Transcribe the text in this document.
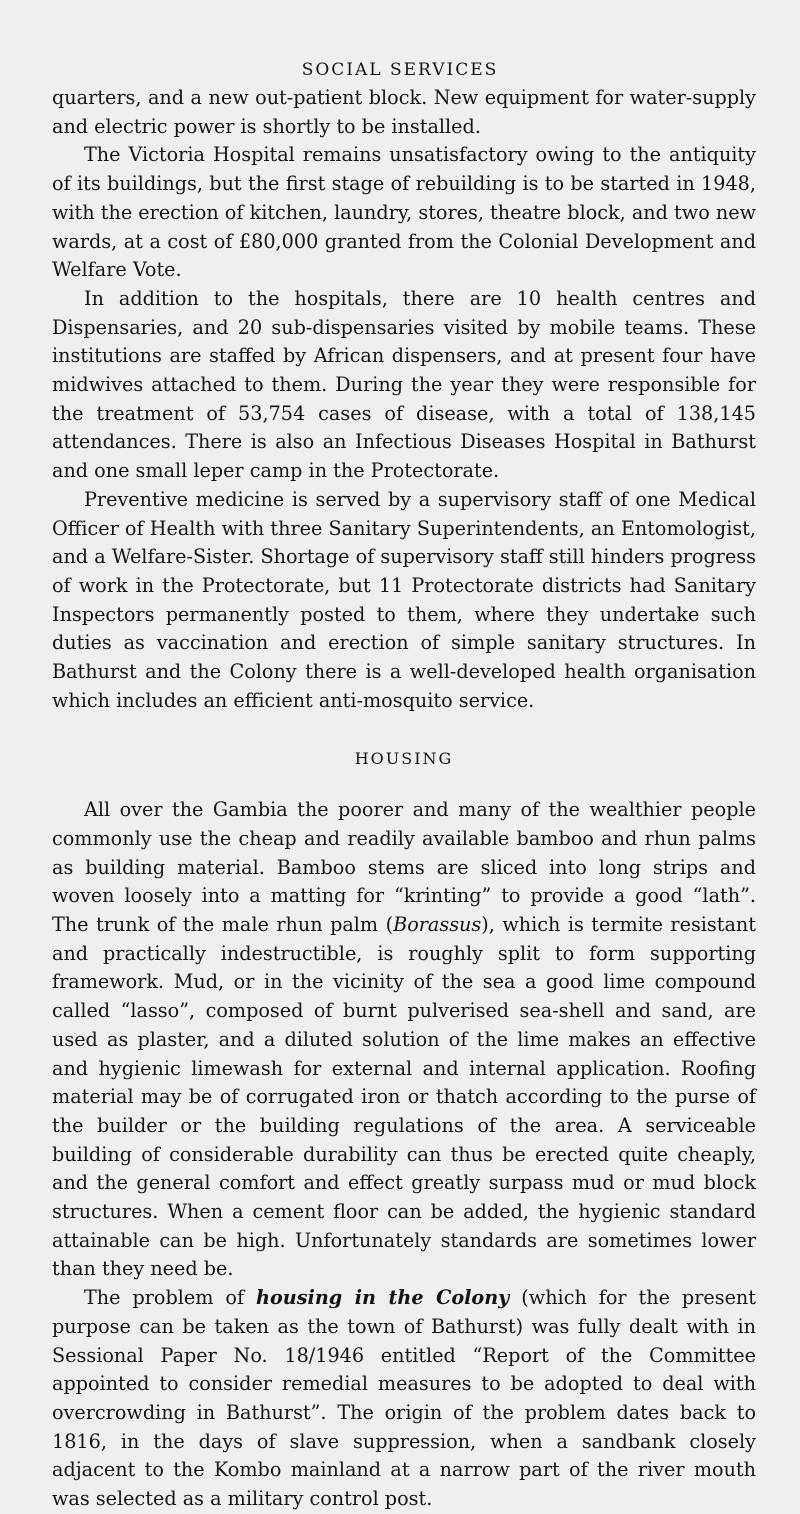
SOCIAL SERVICES

quarters, and a new out-patient block. New equipment for water-supply and electric power is shortly to be installed.

The Victoria Hospital remains unsatisfactory owing to the antiquity of its buildings, but the first stage of rebuilding is to be started in 1948, with the erection of kitchen, laundry, stores, theatre block, and two new wards, at a cost of £80,000 granted from the Colonial Development and Welfare Vote.

In addition to the hospitals, there are 10 health centres and Dispensaries, and 20 sub-dispensaries visited by mobile teams. These institutions are staffed by African dispensers, and at present four have midwives attached to them. During the year they were responsible for the treatment of 53,754 cases of disease, with a total of 138,145 attendances. There is also an Infectious Diseases Hospital in Bathurst and one small leper camp in the Protectorate.

Preventive medicine is served by a supervisory staff of one Medical Officer of Health with three Sanitary Superintendents, an Entomologist, and a Welfare-Sister. Shortage of supervisory staff still hinders progress of work in the Protectorate, but 11 Protectorate districts had Sanitary Inspectors permanently posted to them, where they undertake such duties as vaccination and erection of simple sanitary structures. In Bathurst and the Colony there is a well-developed health organisation which includes an efficient anti-mosquito service.

HOUSING

All over the Gambia the poorer and many of the wealthier people commonly use the cheap and readily available bamboo and rhun palms as building material. Bamboo stems are sliced into long strips and woven loosely into a matting for “krinting” to provide a good “lath”. The trunk of the male rhun palm (Borassus), which is termite resistant and practically indestructible, is roughly split to form supporting framework. Mud, or in the vicinity of the sea a good lime compound called “lasso”, composed of burnt pulverised sea-shell and sand, are used as plaster, and a diluted solution of the lime makes an effective and hygienic limewash for external and internal application. Roofing material may be of corrugated iron or thatch according to the purse of the builder or the building regulations of the area. A serviceable building of considerable durability can thus be erected quite cheaply, and the general comfort and effect greatly surpass mud or mud block structures. When a cement floor can be added, the hygienic standard attainable can be high. Unfortunately standards are sometimes lower than they need be.

The problem of housing in the Colony (which for the present purpose can be taken as the town of Bathurst) was fully dealt with in Sessional Paper No. 18/1946 entitled “Report of the Committee appointed to consider remedial measures to be adopted to deal with overcrowding in Bathurst”. The origin of the problem dates back to 1816, in the days of slave suppression, when a sandbank closely adjacent to the Kombo mainland at a narrow part of the river mouth was selected as a military control post.
